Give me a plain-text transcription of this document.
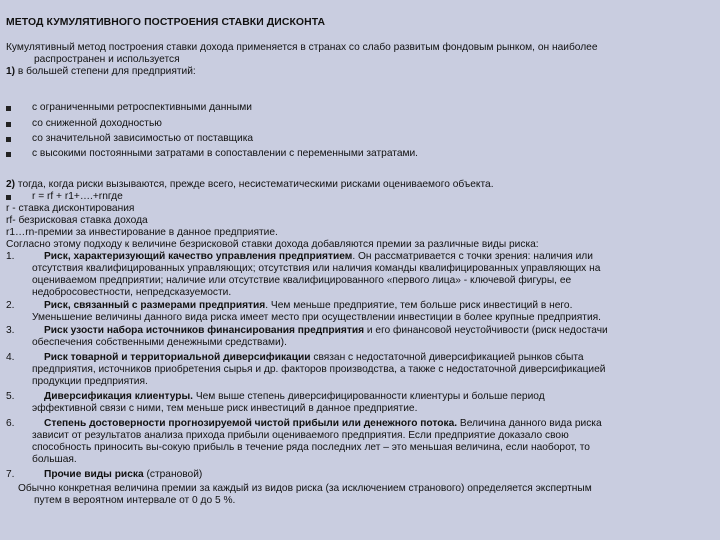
МЕТОД КУМУЛЯТИВНОГО ПОСТРОЕНИЯ СТАВКИ ДИСКОНТА
Кумулятивный метод построения ставки дохода применяется в странах со слабо развитым фондовым рынком, он наиболее
распространен и используется
1) в большей степени для предприятий:
с ограниченными ретроспективными данными
со сниженной доходностью
со значительной зависимостью от поставщика
с высокими постоянными затратами в сопоставлении с переменными затратами.
2) тогда, когда риски вызываются, прежде всего, несистематическими рисками оцениваемого объекта.
r = rf + r1+….+rnгде
r - ставка дисконтирования
rf- безрисковая ставка дохода
r1…rn-премии за инвестирование в данное предприятие.
Согласно этому подходу к величине безрисковой ставки дохода добавляются премии за различные виды риска:
1.	Риск, характеризующий качество управления предприятием. Он рассматривается с точки зрения: наличия или
отсутствия квалифицированных управляющих; отсутствия или наличия команды квалифицированных управляющих на
оцениваемом предприятии; наличие или отсутствие квалифицированного «первого лица» - ключевой фигуры, ее
недобросовестности, непредсказуемости.
2.	Риск, связанный с размерами предприятия. Чем меньше предприятие, тем больше риск инвестиций в него.
Уменьшение величины данного вида риска имеет место при осуществлении инвестиции в более крупные предприятия.
3.	Риск узости набора источников финансирования предприятия и его финансовой неустойчивости (риск недостачи
обеспечения собственными денежными средствами).
4.	Риск товарной и территориальной диверсификации связан с недостаточной диверсификацией рынков сбыта
предприятия, источников приобретения сырья и др. факторов производства, а также с недостаточной диверсификацией
продукции предприятия.
5.	Диверсификация клиентуры. Чем выше степень диверсифицированности клиентуры и больше период
эффективной связи с ними, тем меньше риск инвестиций в данное предприятие.
6.	Степень достоверности прогнозируемой чистой прибыли или денежного потока. Величина данного вида риска
зависит от результатов анализа прихода прибыли оцениваемого предприятия. Если предприятие доказало свою
способность приносить вы-сокую прибыль в течение ряда последних лет – это меньшая величина, если наоборот, то
большая.
7.	Прочие виды риска (страновой)
Обычно конкретная величина премии за каждый из видов риска (за исключением странового) определяется экспертным
путем в вероятном интервале от 0 до 5 %.
